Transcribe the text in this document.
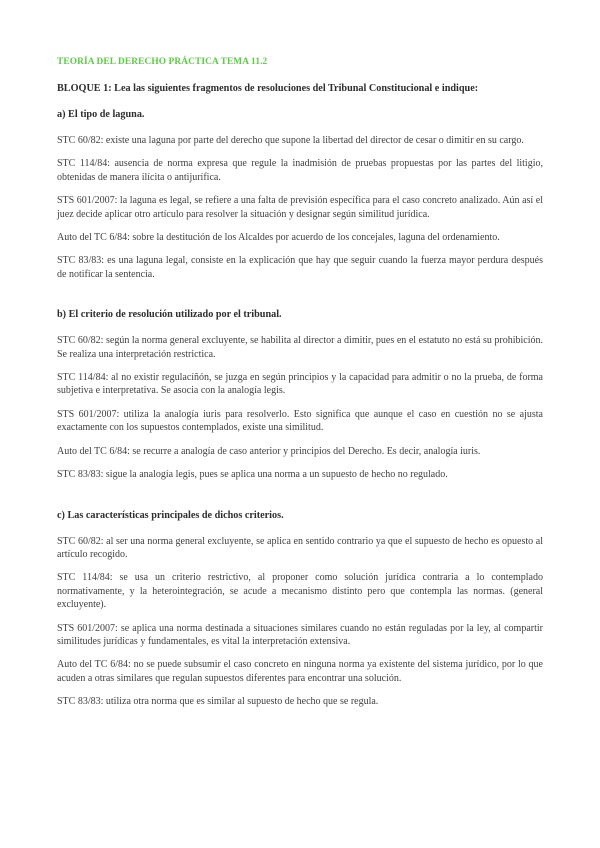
TEORÍA DEL DERECHO PRÁCTICA TEMA 11.2
BLOQUE 1: Lea las siguientes fragmentos de resoluciones del Tribunal Constitucional e indique:
a) El tipo de laguna.

STC 60/82: existe una laguna por parte del derecho que supone la libertad del director de cesar o dimitir en su cargo.

STC 114/84: ausencia de norma expresa que regule la inadmisión de pruebas propuestas por las partes del litigio, obtenidas de manera ilícita o antijurífica.

STS 601/2007: la laguna es legal, se refiere a una falta de previsión específica para el caso concreto analizado. Aún así el juez decide aplicar otro artículo para resolver la situación y designar según similitud jurídica.

Auto del TC 6/84: sobre la destitución de los Alcaldes por acuerdo de los concejales, laguna del ordenamiento.

STC 83/83: es una laguna legal, consiste en la explicación que hay que seguir cuando la fuerza mayor perdura después de notificar la sentencia.

b) El criterio de resolución utilizado por el tribunal.

STC 60/82: según la norma general excluyente, se habilita al director a dimitir, pues en el estatuto no está su prohibición. Se realiza una interpretación restrictica.

STC 114/84: al no existir regulacíñón, se juzga en según principios y la capacidad para admitir o no la prueba, de forma subjetiva e interpretativa. Se asocia con la analogía legis.

STS 601/2007: utiliza la analogía iuris para resolverlo. Esto significa que aunque el caso en cuestión no se ajusta exactamente con los supuestos contemplados, existe una similitud.

Auto del TC 6/84: se recurre a analogía de caso anterior y principios del Derecho. Es decir, analogía iuris.

STC 83/83: sigue la analogía legis, pues se aplica una norma a un supuesto de hecho no regulado.

c) Las características principales de dichos criterios.

STC 60/82: al ser una norma general excluyente, se aplica en sentido contrario ya que el supuesto de hecho es opuesto al artículo recogido.

STC 114/84: se usa un criterio restrictivo, al proponer como solución jurídica contraria a lo contemplado normativamente, y la heterointegración, se acude a mecanismo distinto pero que contempla las normas. (general excluyente).

STS 601/2007: se aplica una norma destinada a situaciones similares cuando no están reguladas por la ley, al compartir similitudes jurídicas y fundamentales, es vital la interpretación extensiva.

Auto del TC 6/84: no se puede subsumir el caso concreto en ninguna norma ya existente del sistema jurídico, por lo que acuden a otras similares que regulan supuestos diferentes para encontrar una solución.

STC 83/83: utiliza otra norma que es similar al supuesto de hecho que se regula.
